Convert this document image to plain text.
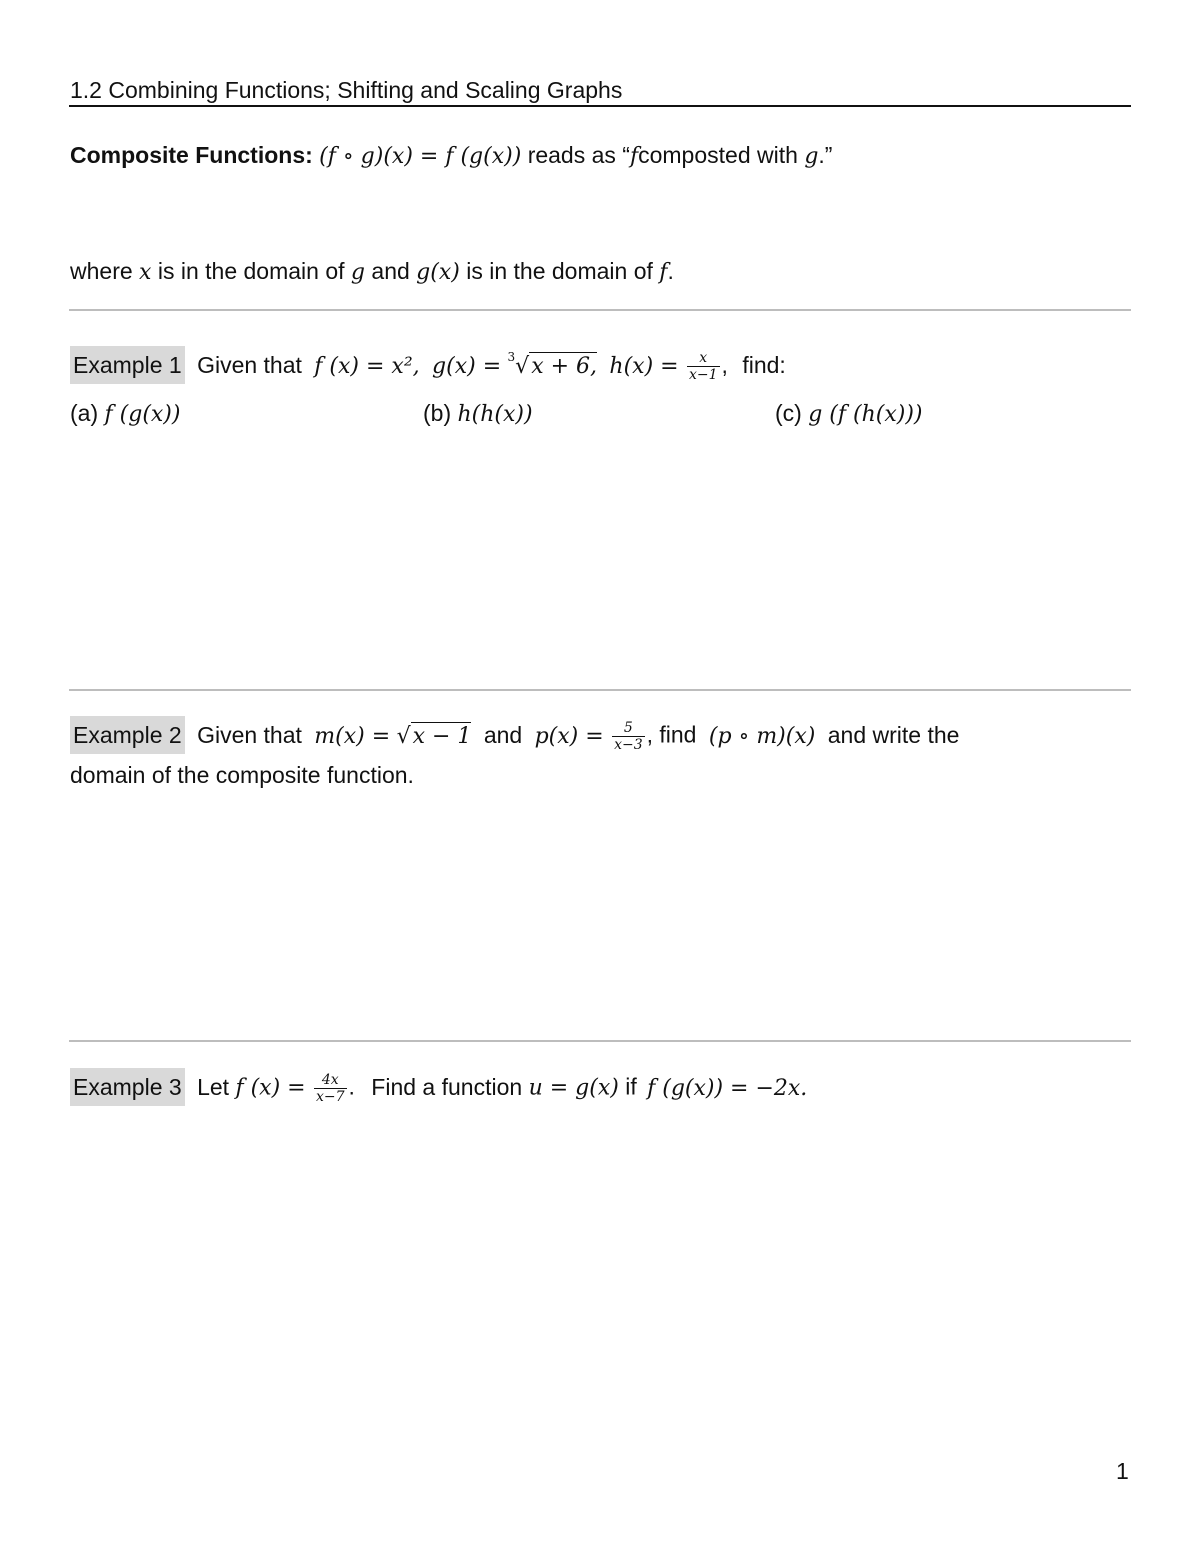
1.2 Combining Functions; Shifting and Scaling Graphs
Composite Functions: (f ∘ g)(x) = f (g(x)) reads as “fcomposted with g.”
where x is in the domain of g and g(x) is in the domain of f.
Example 1 Given that f (x) = x², g(x) = $^3$√x + 6, $h(x) = \frac{x}{x-1}$ , find:
(a) f (g(x))	(b) h(h(x))	(c) g (f (h(x)))
Example 2 Given that m(x) = √x − 1 and $p(x) = \frac{5}{x-3}$ , find (p ∘ m)(x) and write the
domain of the composite function.
Example 3 Let f $(x) = \frac{4x}{x-7}$ . Find a function u = g(x) if f (g(x)) = −2x.
1
